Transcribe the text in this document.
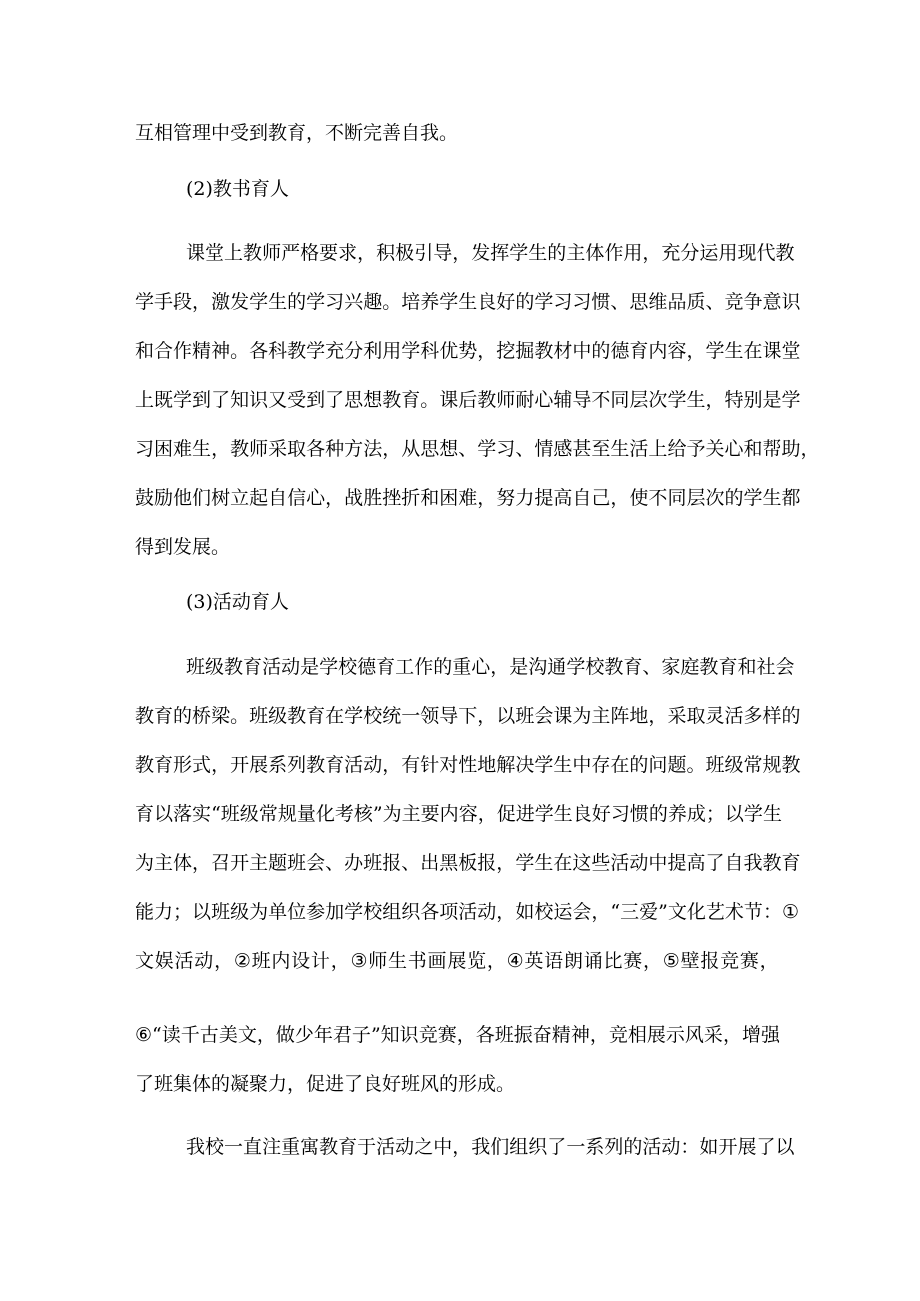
互相管理中受到教育，不断完善自我。

(2)教书育人

课 堂 上 教 师 严 格 要 求 ， 积 极 引 导 ， 发 挥 学 生 的 主 体 作 用 ， 充 分 运 用 现 代 教

学 手 段 ， 激 发 学 生 的 学 习 兴 趣 。 培 养 学 生 良 好 的 学 习 习 惯 、 思 维 品 质 、 竞 争 意 识

和 合 作 精 神 。 各 科 教 学 充 分 利 用 学 科 优 势 ， 挖 掘 教 材 中 的 德 育 内 容 ， 学 生 在 课 堂

上 既 学 到 了 知 识 又 受 到 了 思 想 教 育 。 课 后 教 师 耐 心 辅 导 不 同 层 次 学 生 ， 特 别 是 学

习 困 难 生 ， 教 师 采 取 各 种 方 法 ， 从 思 想 、 学 习 、 情 感 甚 至 生 活 上 给 予 关 心 和 帮 助 ，

鼓 励 他 们 树 立 起 自 信 心 ， 战 胜 挫 折 和 困 难 ， 努 力 提 高 自 己 ， 使 不 同 层 次 的 学 生 都

得到发展。

(3)活动育人

班 级 教 育 活 动 是 学 校 德 育 工 作 的 重 心 ， 是 沟 通 学 校 教 育 、 家 庭 教 育 和 社 会

教 育 的 桥 梁 。 班 级 教 育 在 学 校 统 一 领 导 下 ， 以 班 会 课 为 主 阵 地 ， 采 取 灵 活 多 样 的

教 育 形 式 ， 开 展 系 列 教 育 活 动 ， 有 针 对 性 地 解 决 学 生 中 存 在 的 问 题 。 班 级 常 规 教

育 以 落 实 “ 班 级 常 规 量 化 考 核 ” 为 主 要 内 容 ， 促 进 学 生 良 好 习 惯 的 养 成 ； 以 学 生

为 主 体 ， 召 开 主 题 班 会 、 办 班 报 、 出 黑 板 报 ， 学 生 在 这 些 活 动 中 提 高 了 自 我 教 育

能 力 ； 以 班 级 为 单 位 参 加 学 校 组 织 各 项 活 动 ， 如 校 运 会 ， “ 三 爱 ” 文 化 艺 术 节 ： ①

文 娱 活 动 ， ② 班 内 设 计 ， ③ 师 生 书 画 展 览 ， ④ 英 语 朗 诵 比 赛 ， ⑤ 壁 报 竞 赛 ，

⑥ “ 读 千 古 美 文 ， 做 少 年 君 子 ” 知 识 竞 赛 ， 各 班 振 奋 精 神 ， 竞 相 展 示 风 采 ， 增 强

了班集体的凝聚力，促进了良好班风的形成。

我 校 一 直 注 重 寓 教 育 于 活 动 之 中 ， 我 们 组 织 了 一 系 列 的 活 动 ： 如 开 展 了 以
